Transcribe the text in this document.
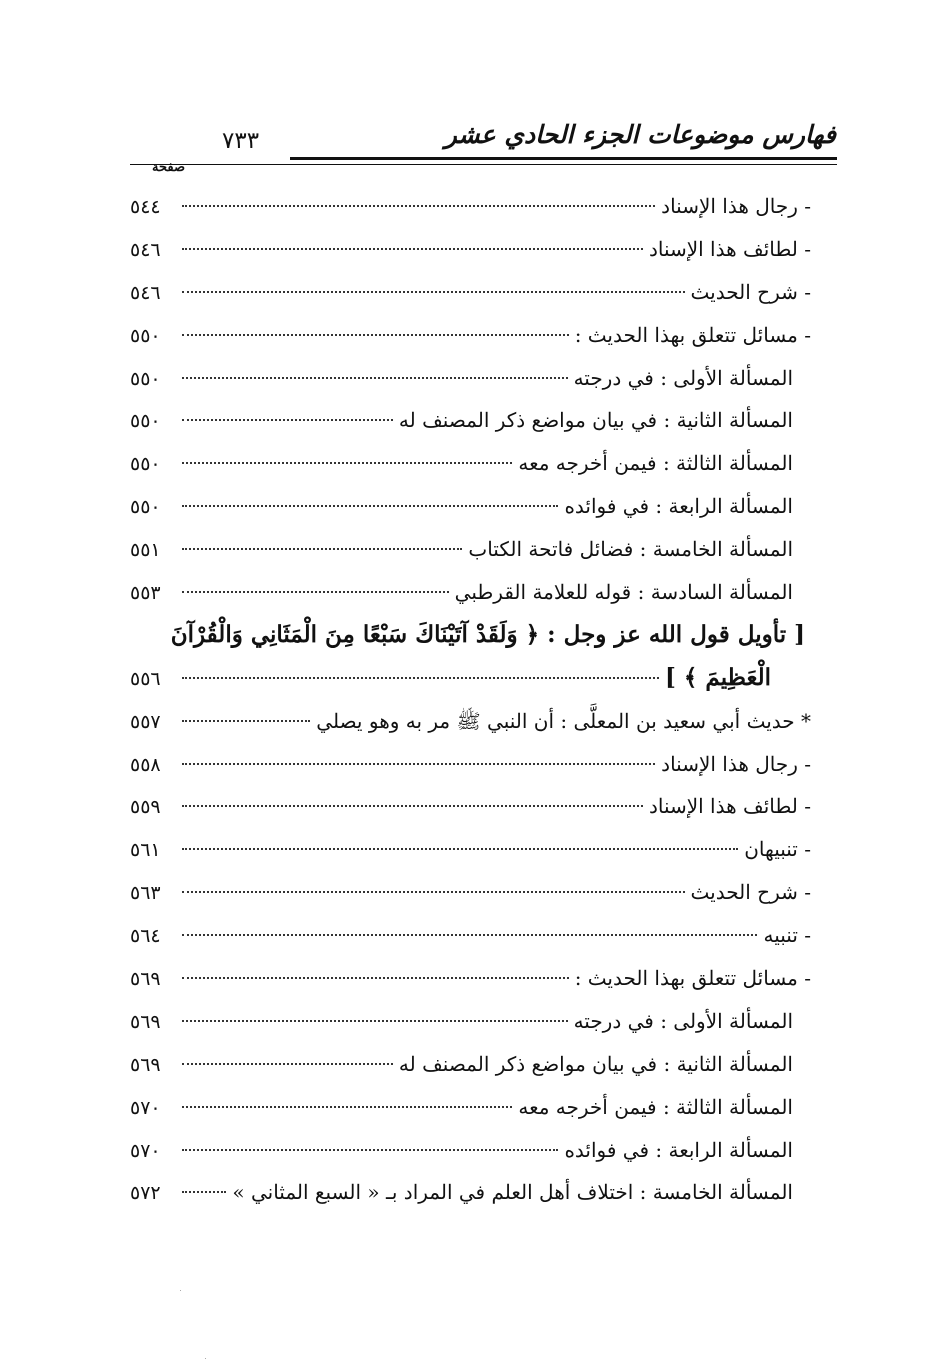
فهارس موضوعات الجزء الحادي عشر
٧٣٣
صفحة
- رجال هذا الإسناد
٥٤٤
- لطائف هذا الإسناد
٥٤٦
- شرح الحديث
٥٤٦
- مسائل تتعلق بهذا الحديث :
٥٥٠
المسألة الأولى : في درجته
٥٥٠
المسألة الثانية : في بيان مواضع ذكر المصنف له
٥٥٠
المسألة الثالثة : فيمن أخرجه معه
٥٥٠
المسألة الرابعة : في فوائده
٥٥٠
المسألة الخامسة : فضائل فاتحة الكتاب
٥٥١
المسألة السادسة : قوله للعلامة القرطبي
٥٥٣
[ تأويل قول الله عز وجل : ﴿ وَلَقَدْ آتَيْنَاكَ سَبْعًا مِنَ الْمَثَانِي وَالْقُرْآنَ
الْعَظِيمَ ﴾ ]
٥٥٦
* حديث أبي سعيد بن المعلَّى : أن النبي ﷺ مر به وهو يصلي
٥٥٧
- رجال هذا الإسناد
٥٥٨
- لطائف هذا الإسناد
٥٥٩
- تنبيهان
٥٦١
- شرح الحديث
٥٦٣
- تنبيه
٥٦٤
- مسائل تتعلق بهذا الحديث :
٥٦٩
المسألة الأولى : في درجته
٥٦٩
المسألة الثانية : في بيان مواضع ذكر المصنف له
٥٦٩
المسألة الثالثة : فيمن أخرجه معه
٥٧٠
المسألة الرابعة : في فوائده
٥٧٠
المسألة الخامسة : اختلاف أهل العلم في المراد بـ « السبع المثاني »
٥٧٢
